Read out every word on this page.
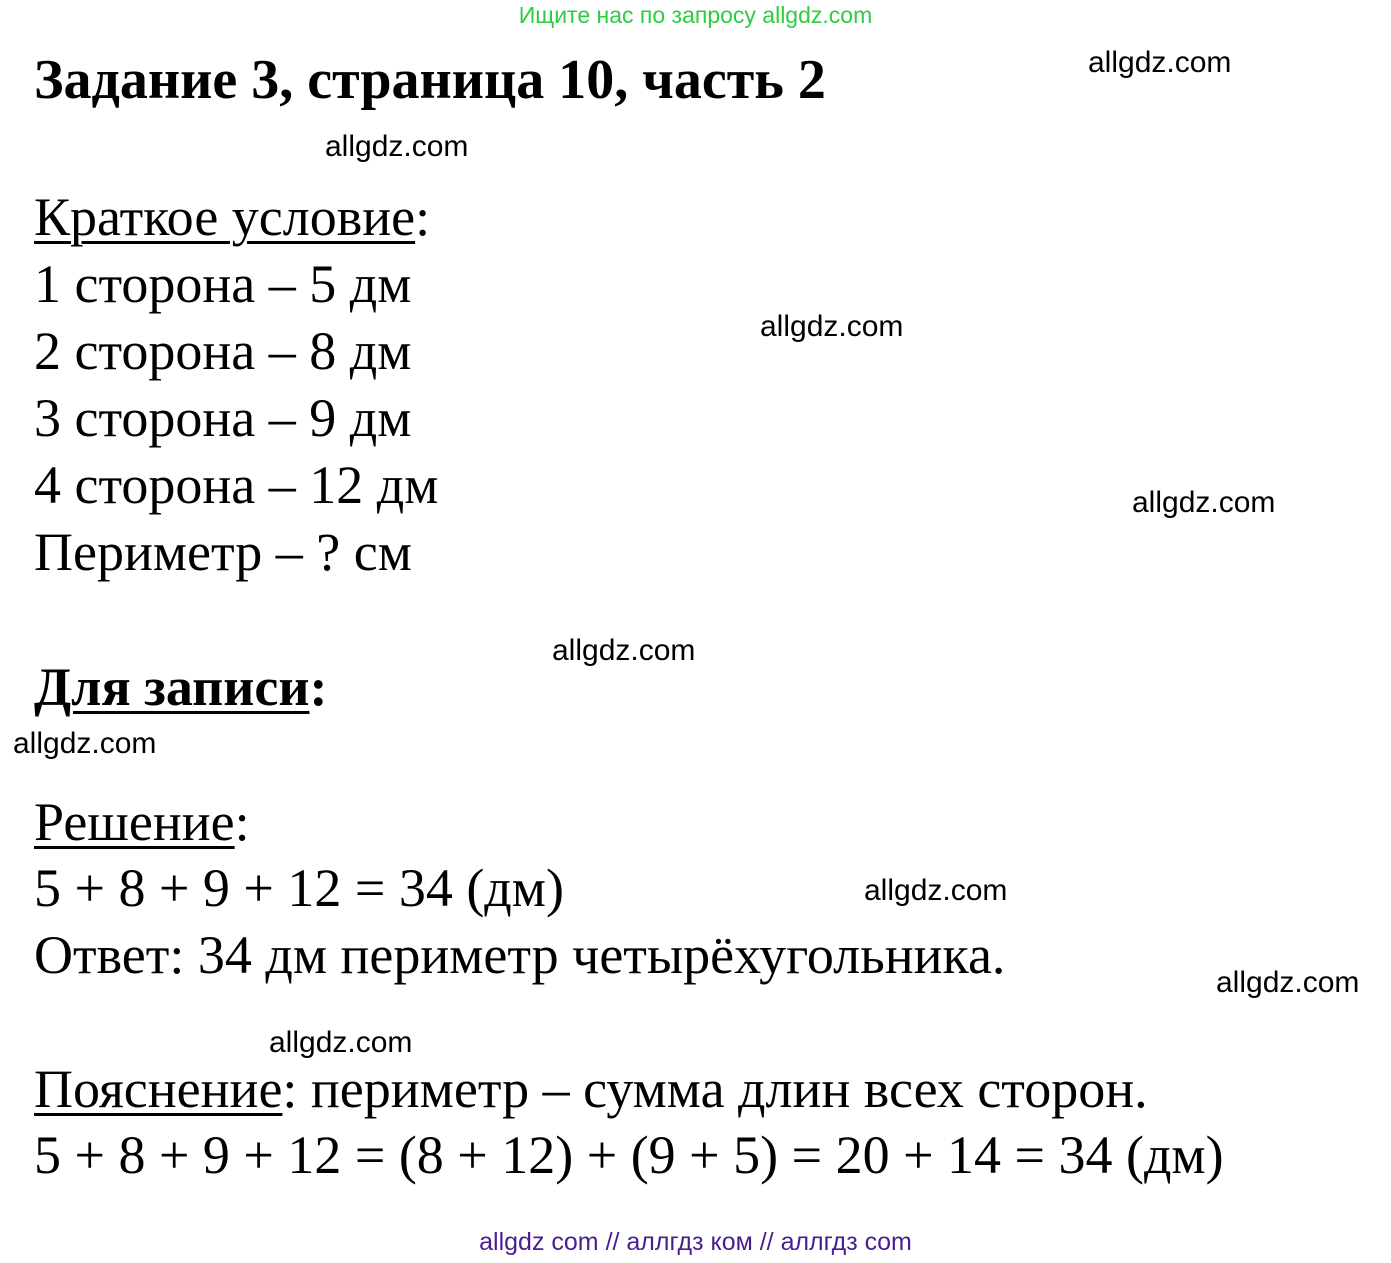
Ищите нас по запросу allgdz.com
Задание 3, страница 10, часть 2	allgdz.com
allgdz.com
allgdz.com
allgdz.com
allgdz.com
allgdz.com
allgdz.com
allgdz.com
allgdz.com
Краткое условие:
1 сторона – 5 дм
2 сторона – 8 дм
3 сторона – 9 дм
4 сторона – 12 дм
Периметр – ? см
Для записи:
Решение:
5 + 8 + 9 + 12 = 34 (дм)
Ответ: 34 дм периметр четырёхугольника.
Пояснение: периметр – сумма длин всех сторон.
5 + 8 + 9 + 12 = (8 + 12) + (9 + 5) = 20 + 14 = 34 (дм)
allgdz com // аллгдз ком // аллгдз com
